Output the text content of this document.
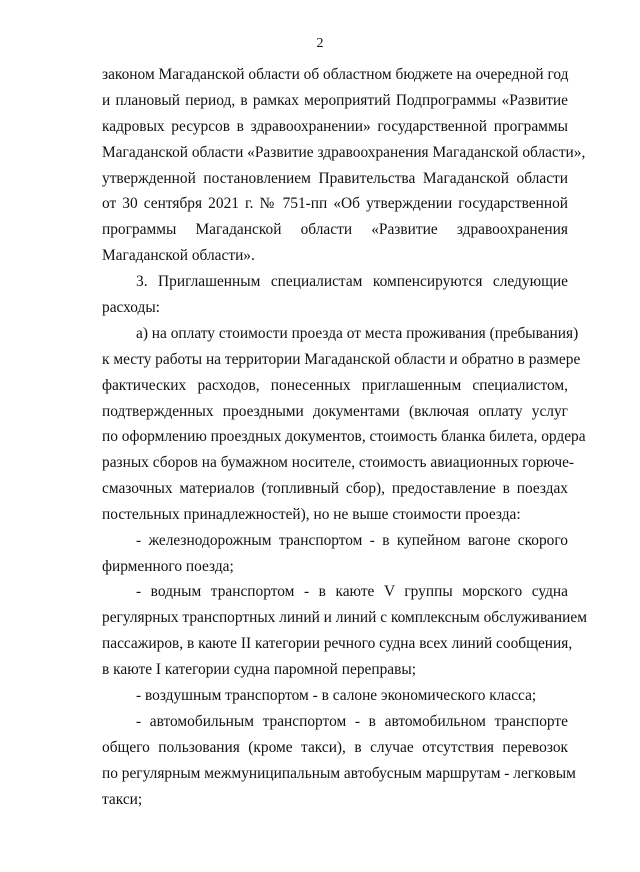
2
законом Магаданской области об областном бюджете на очередной год
и плановый период, в рамках мероприятий Подпрограммы «Развитие
кадровых ресурсов в здравоохранении» государственной программы
Магаданской области «Развитие здравоохранения Магаданской области»,
утвержденной постановлением Правительства Магаданской области
от 30 сентября 2021 г. № 751-пп «Об утверждении государственной
программы Магаданской области «Развитие здравоохранения
Магаданской области».
3. Приглашенным специалистам компенсируются следующие
расходы:
а) на оплату стоимости проезда от места проживания (пребывания)
к месту работы на территории Магаданской области и обратно в размере
фактических расходов, понесенных приглашенным специалистом,
подтвержденных проездными документами (включая оплату услуг
по оформлению проездных документов, стоимость бланка билета, ордера
разных сборов на бумажном носителе, стоимость авиационных горюче-
смазочных материалов (топливный сбор), предоставление в поездах
постельных принадлежностей), но не выше стоимости проезда:
- железнодорожным транспортом - в купейном вагоне скорого
фирменного поезда;
- водным транспортом - в каюте V группы морского судна
регулярных транспортных линий и линий с комплексным обслуживанием
пассажиров, в каюте II категории речного судна всех линий сообщения,
в каюте I категории судна паромной переправы;
- воздушным транспортом - в салоне экономического класса;
- автомобильным транспортом - в автомобильном транспорте
общего пользования (кроме такси), в случае отсутствия перевозок
по регулярным межмуниципальным автобусным маршрутам - легковым
такси;
